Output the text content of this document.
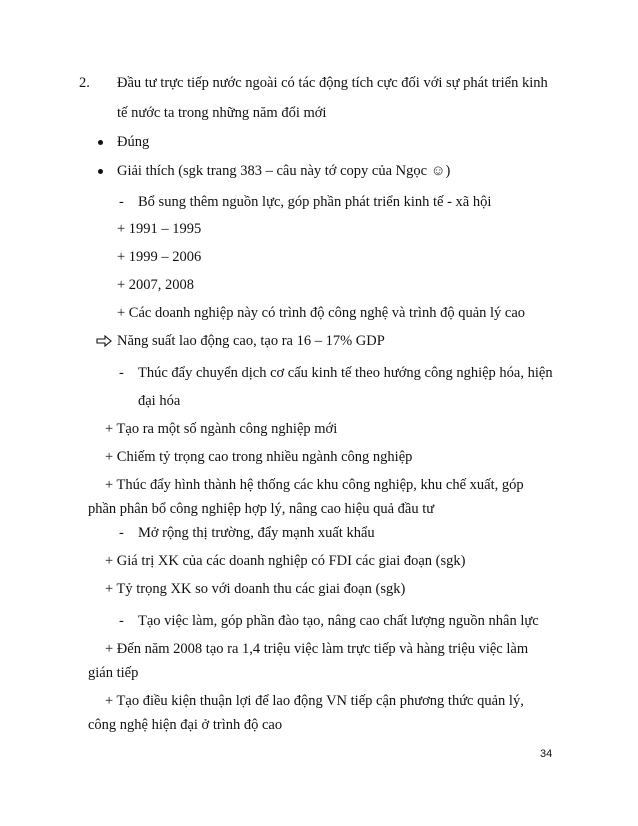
2. Đầu tư trực tiếp nước ngoài có tác động tích cực đối với sự phát triển kinh
tế nước ta trong những năm đổi mới
Đúng
Giải thích (sgk trang 383 – câu này tớ copy của Ngọc ☺)
- Bổ sung thêm nguồn lực, góp phần phát triển kinh tế - xã hội
+ 1991 – 1995
+ 1999 – 2006
+ 2007, 2008
+ Các doanh nghiệp này có trình độ công nghệ và trình độ quản lý cao
Năng suất lao động cao, tạo ra 16 – 17% GDP
- Thúc đẩy chuyển dịch cơ cấu kinh tế theo hướng công nghiệp hóa, hiện
đại hóa
+ Tạo ra một số ngành công nghiệp mới
+ Chiếm tỷ trọng cao trong nhiều ngành công nghiệp
+ Thúc đẩy hình thành hệ thống các khu công nghiệp, khu chế xuất, góp
phần phân bổ công nghiệp hợp lý, nâng cao hiệu quả đầu tư
- Mở rộng thị trường, đẩy mạnh xuất khẩu
+ Giá trị XK của các doanh nghiệp có FDI các giai đoạn (sgk)
+ Tỷ trọng XK so với doanh thu các giai đoạn (sgk)
- Tạo việc làm, góp phần đào tạo, nâng cao chất lượng nguồn nhân lực
+ Đến năm 2008 tạo ra 1,4 triệu việc làm trực tiếp và hàng triệu việc làm
gián tiếp
+ Tạo điều kiện thuận lợi để lao động VN tiếp cận phương thức quản lý,
công nghệ hiện đại ở trình độ cao
34
